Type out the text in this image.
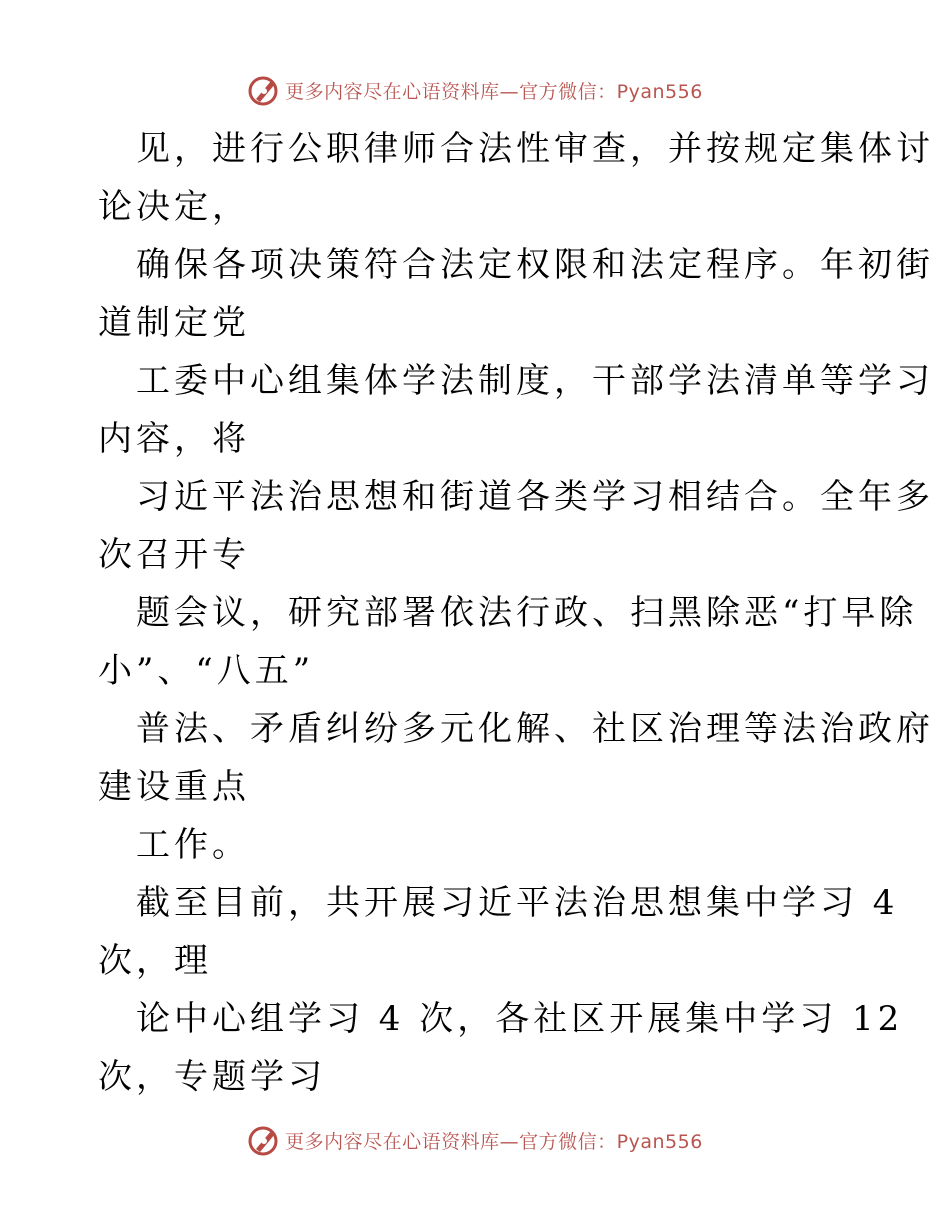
更多内容尽在心语资料库—官方微信：Pyan556
见，进行公职律师合法性审查，并按规定集体讨
论决定，
确保各项决策符合法定权限和法定程序。年初街
道制定党
工委中心组集体学法制度，干部学法清单等学习
内容，将
习近平法治思想和街道各类学习相结合。全年多
次召开专
题会议，研究部署依法行政、扫黑除恶“打早除
小”、“八五”
普法、矛盾纠纷多元化解、社区治理等法治政府
建设重点
工作。
截至目前，共开展习近平法治思想集中学习 4
次，理
论中心组学习 4 次，各社区开展集中学习 12
次，专题学习
更多内容尽在心语资料库—官方微信：Pyan556
